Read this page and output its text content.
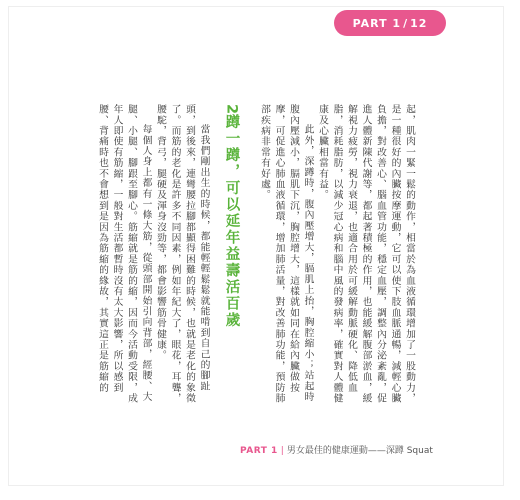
PART 1 / 12

起，肌肉一緊一鬆的動作，相當於為血液循環增加了一股動力，是一種很好的內臟按摩運動，它可以使下肢血脈通暢，減輕心臟負擔，對改善心、腦血管功能，穩定血壓，調整內分泌紊亂，促進人體新陳代謝等，都起著積極的作用，也能緩解腹部淤血，緩解視力疲勞，視力衰退，也適合用於可緩解動脈硬化、降低血脂，消耗脂肪，以減少冠心病和腦中風的發病率，確實對人體健康及心臟相當有益。

此外，深蹲時，腹內壓增大，膈肌上抬，胸腔縮小；站起時腹內壓減小，膈肌下沉，胸腔增大，這樣就如同在給內臟做按摩，可促進心肺血液循環，增加肺活量，對改善肺功能，預防肺部疾病非常有好處。

2蹲一蹲，可以延年益壽活百歲

當我們剛出生的時候，都能輕輕鬆鬆就能啃到自己的腳趾頭，到後來，連彎腰拉腳都顯得困難的時候，也就是老化的象徵了。而筋的老化是許多不同因素，例如年紀大了，眼花，耳聾，腰駝，背弓，腿硬及渾身沒勁等，都會影響筋骨健康。

每個人身上都有一條大筋，從頭部開始引向背部，經腰、大腿、小腿、腳跟至腳心。筋縮就是筋的縮，因而今活動受限，成年人即使有筋縮，一般對生活都暫時沒有太大影響，所以感到腰、背痛時也不會想到是因為筋縮的緣故，其實這正是筋縮的

PART 1 | 男女最佳的健康運動——深蹲 Squat
